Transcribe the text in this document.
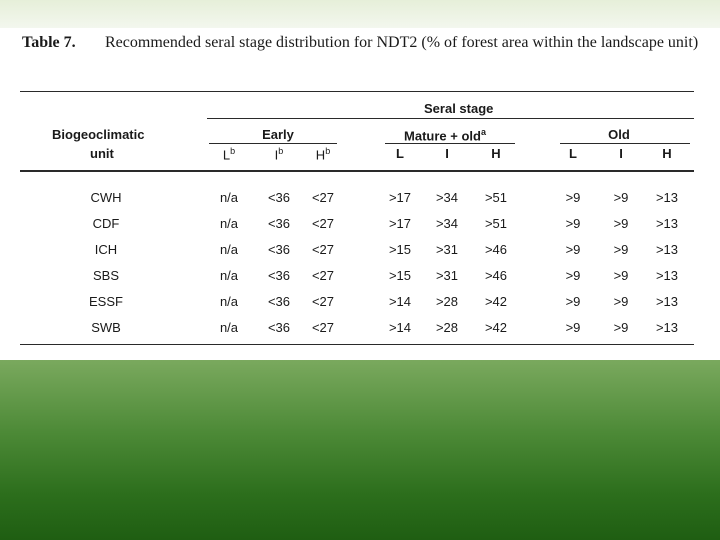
Table 7. Recommended seral stage distribution for NDT2 (% of forest area within the landscape unit)
Seral stage
Biogeoclimatic
unit
Early	Mature + old$^a$	Old
$L^b$	$I^b$	$H^b$	L	I	H	L	I	H
CWH	n/a	<36	<27	>17	>34	>51	>9	>9	>13
CDF	n/a	<36	<27	>17	>34	>51	>9	>9	>13
ICH	n/a	<36	<27	>15	>31	>46	>9	>9	>13
SBS	n/a	<36	<27	>15	>31	>46	>9	>9	>13
ESSF	n/a	<36	<27	>14	>28	>42	>9	>9	>13
SWB	n/a	<36	<27	>14	>28	>42	>9	>9	>13
